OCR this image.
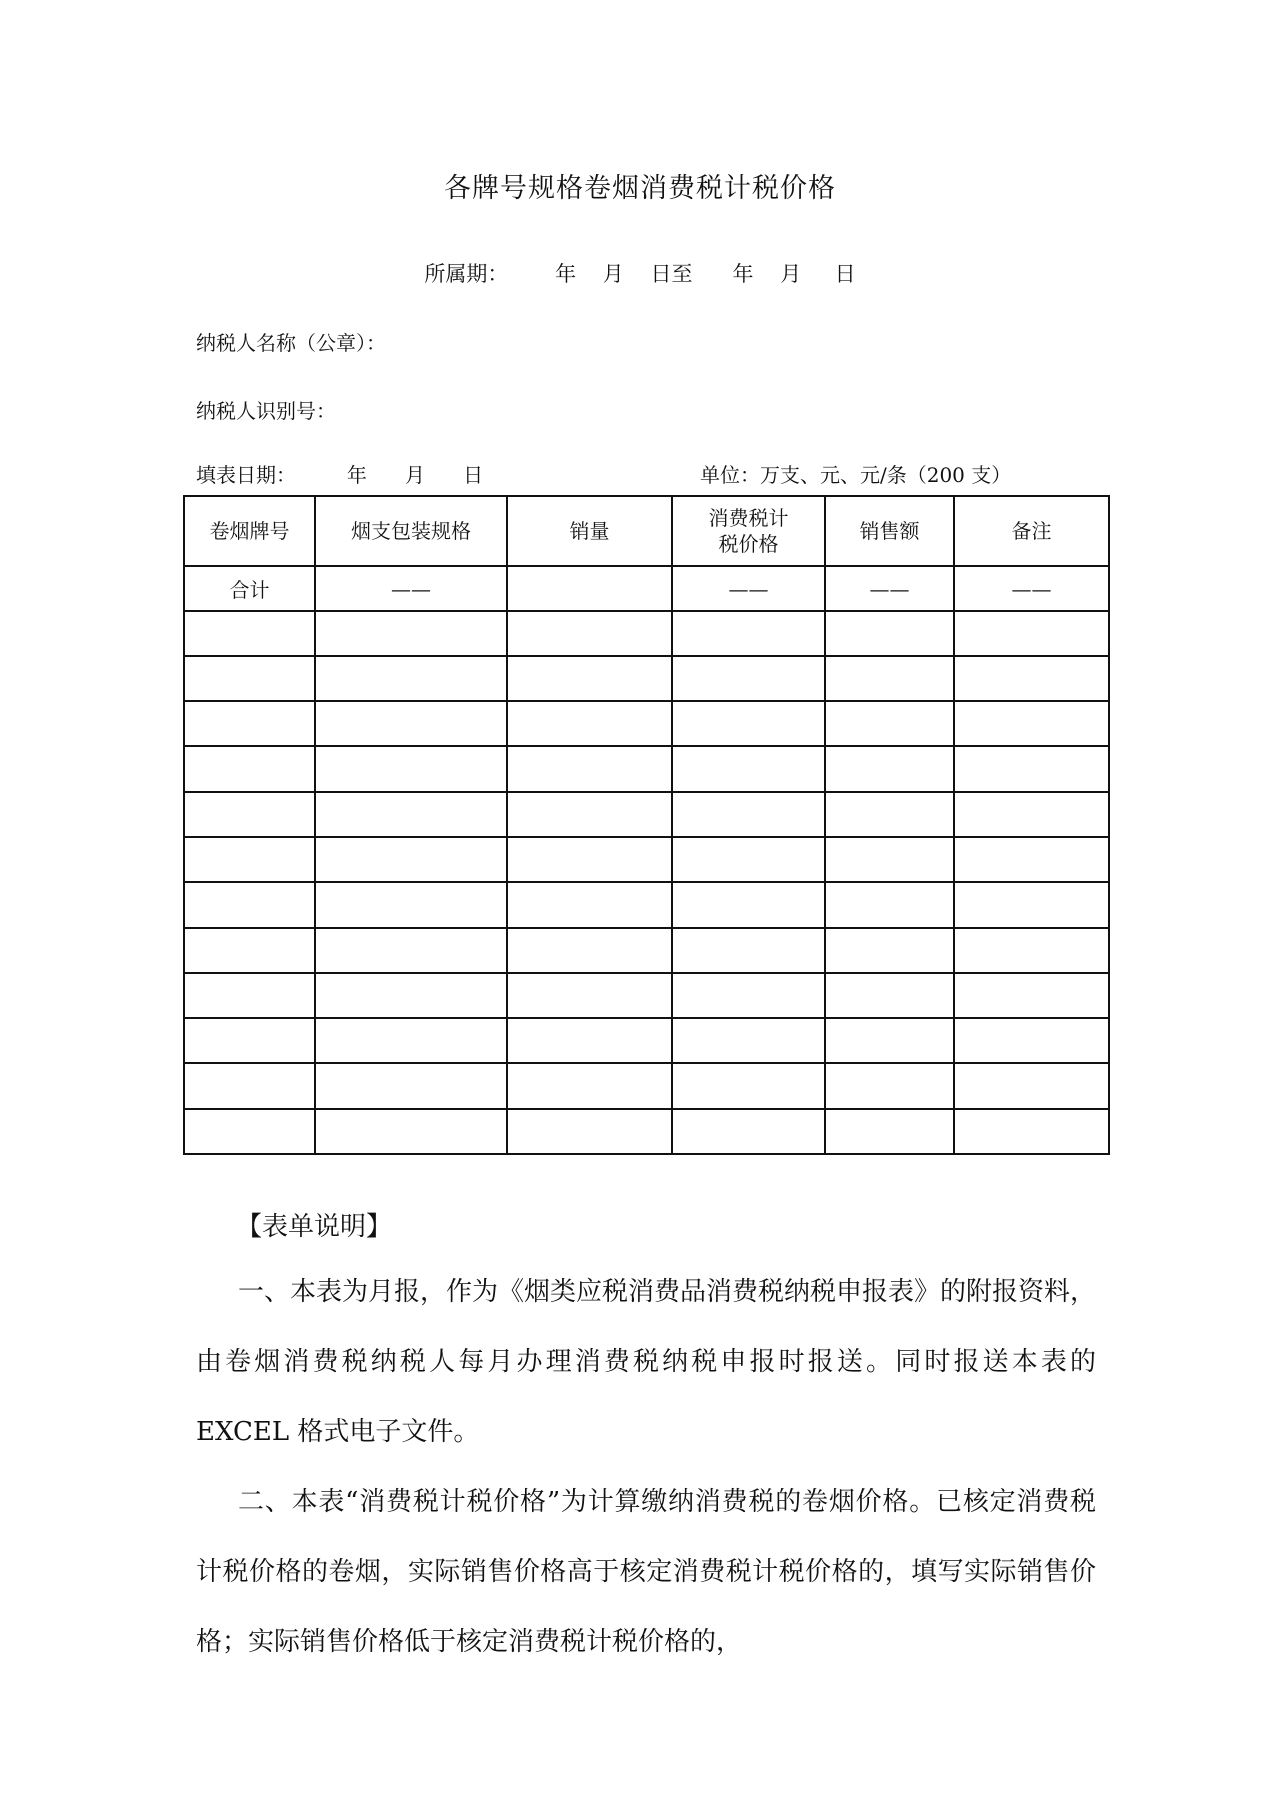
各牌号规格卷烟消费税计税价格
所属期：       年    月    日至      年    月     日
纳税人名称（公章）：
纳税人识别号：
填表日期：        年      月      日	单位：万支、元、元/条（200 支）
卷烟牌号	烟支包装规格	销量	消费税计税价格	销售额	备注
合计	——		——	——	——

【表单说明】
一、本表为月报，作为《烟类应税消费品消费税纳税申报表》的附报资料，由卷烟消费税纳税人每月办理消费税纳税申报时报送。同时报送本表的 EXCEL 格式电子文件。
二、本表“消费税计税价格”为计算缴纳消费税的卷烟价格。已核定消费税计税价格的卷烟，实际销售价格高于核定消费税计税价格的，填写实际销售价格；实际销售价格低于核定消费税计税价格的，
